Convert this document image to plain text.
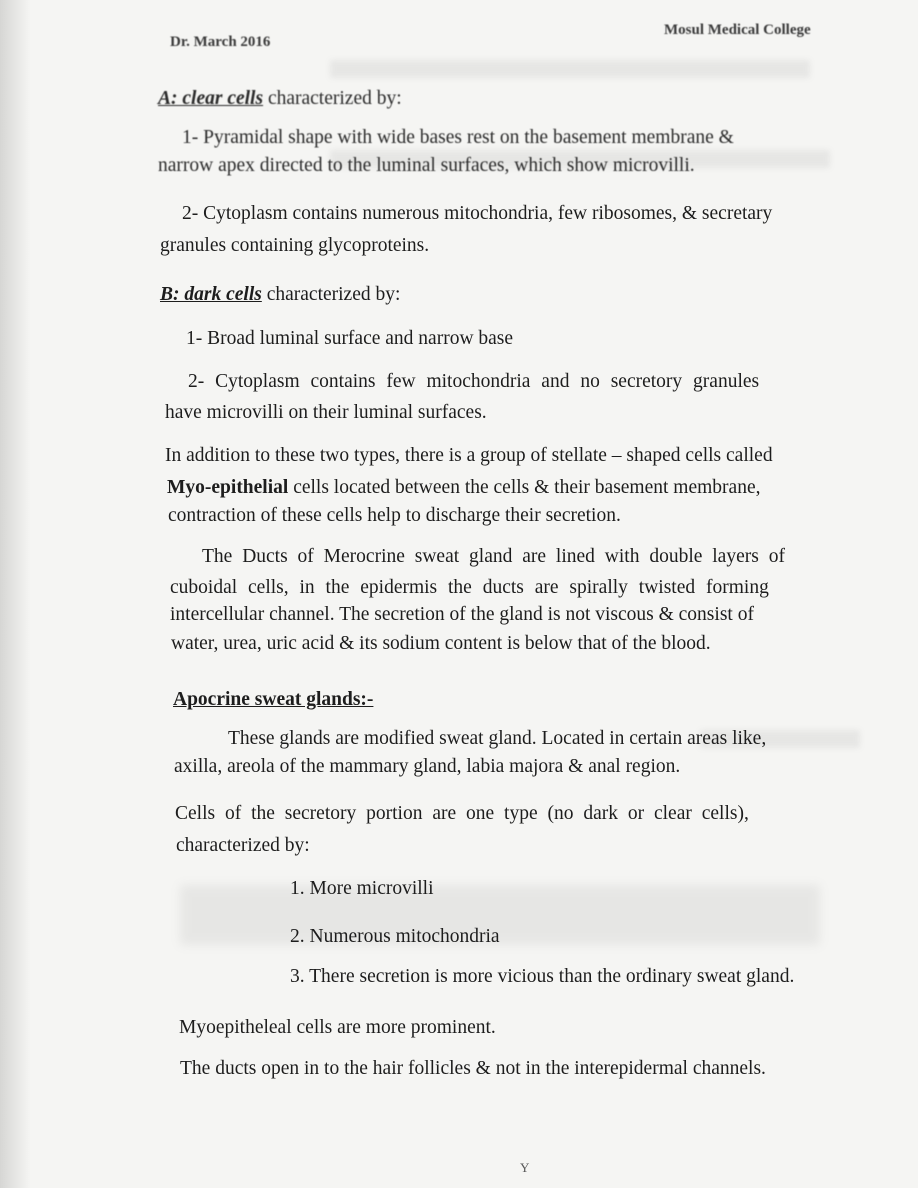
Dr. March 2016
Mosul Medical College
A: clear cells characterized by:
1- Pyramidal shape with wide bases rest on the basement membrane &
narrow apex directed to the luminal surfaces, which show microvilli.
2- Cytoplasm contains numerous mitochondria, few ribosomes, & secretary
granules containing glycoproteins.
B: dark cells characterized by:
1- Broad luminal surface and narrow base
2- Cytoplasm contains few mitochondria and no secretory granules
have microvilli on their luminal surfaces.
In addition to these two types, there is a group of stellate – shaped cells called
Myo-epithelial cells located between the cells & their basement membrane,
contraction of these cells help to discharge their secretion.
The Ducts of Merocrine sweat gland are lined with double layers of
cuboidal cells, in the epidermis the ducts are spirally twisted forming
intercellular channel. The secretion of the gland is not viscous & consist of
water, urea, uric acid & its sodium content is below that of the blood.
Apocrine sweat glands:-
These glands are modified sweat gland. Located in certain areas like,
axilla, areola of the mammary gland, labia majora & anal region.
Cells of the secretory portion are one type (no dark or clear cells),
characterized by:
1. More microvilli
2. Numerous mitochondria
3. There secretion is more vicious than the ordinary sweat gland.
Myoepitheleal cells are more prominent.
The ducts open in to the hair follicles & not in the interepidermal channels.
Y
